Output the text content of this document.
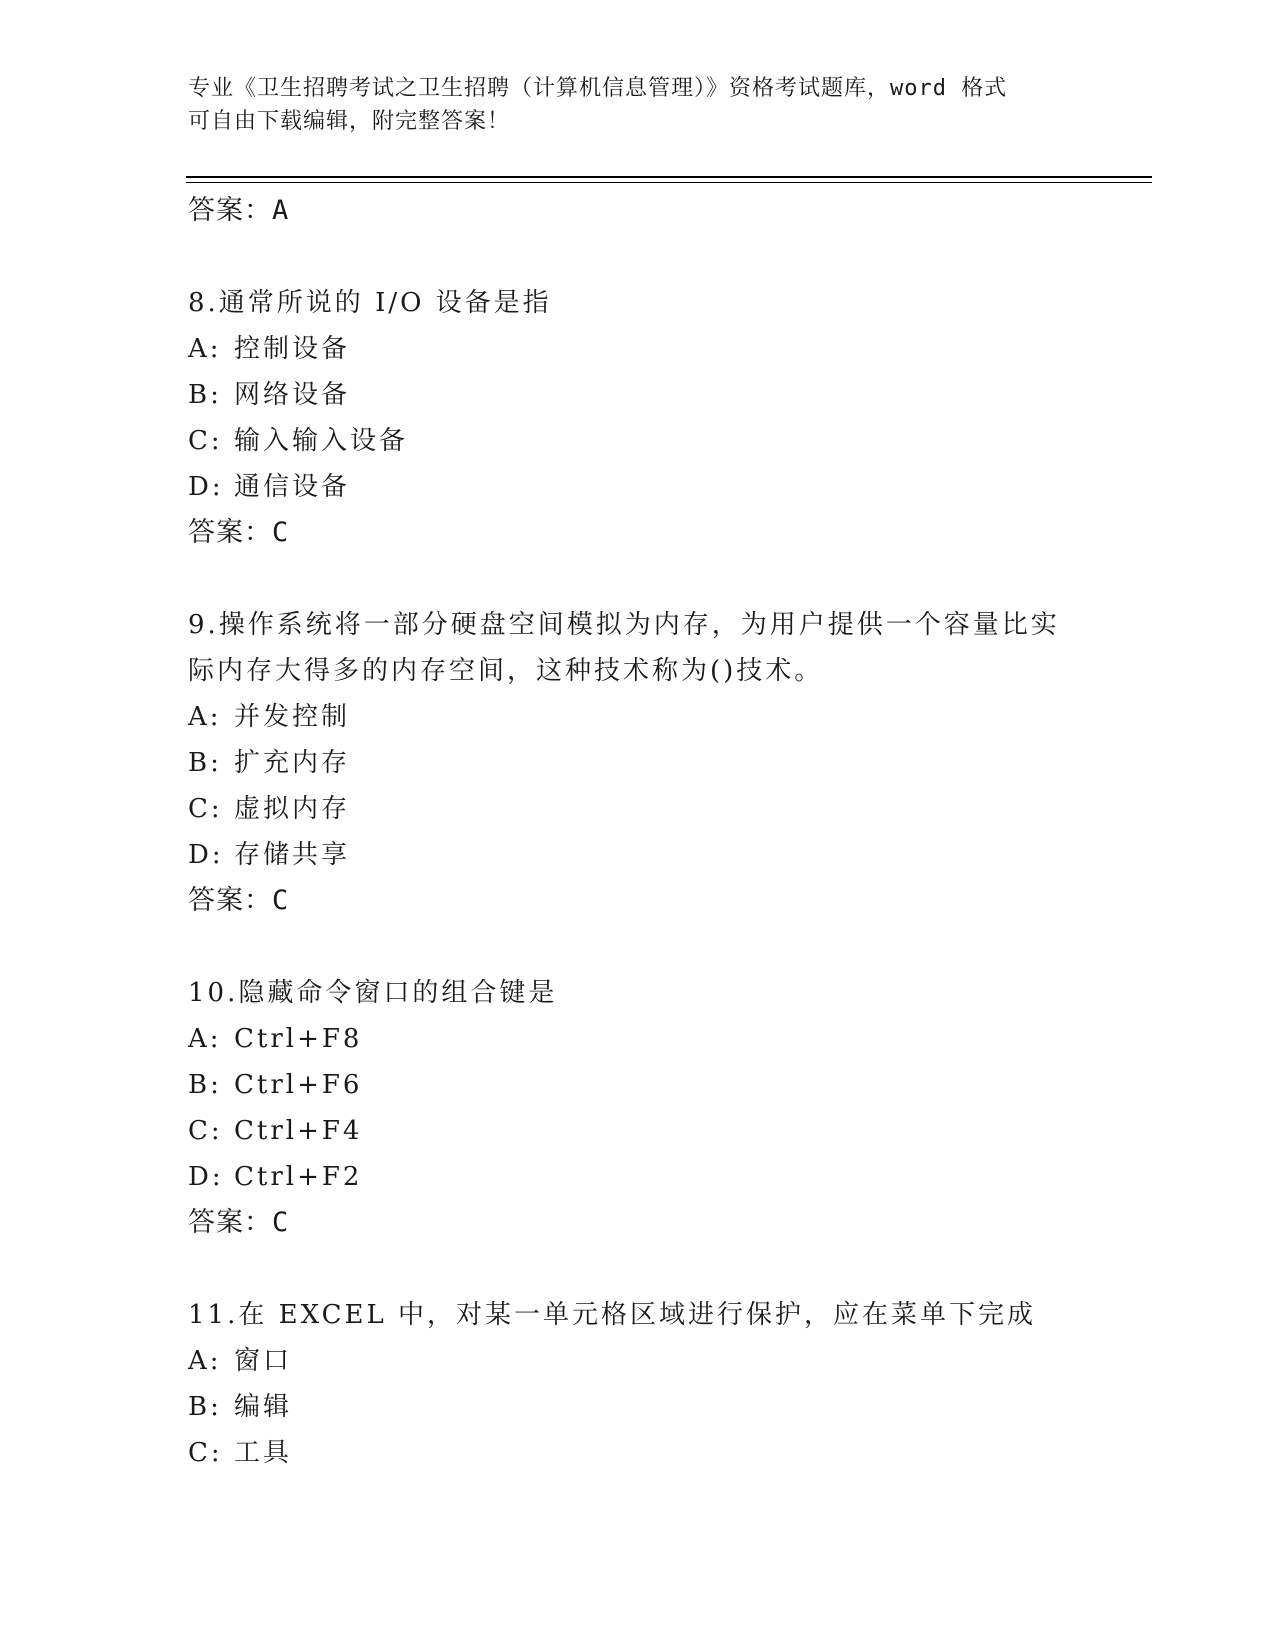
专业《卫生招聘考试之卫生招聘（计算机信息管理）》资格考试题库，word 格式
可自由下载编辑，附完整答案！
答案：A
8.通常所说的 I/O 设备是指
A: 控制设备
B: 网络设备
C: 输入输入设备
D: 通信设备
答案：C
9.操作系统将一部分硬盘空间模拟为内存，为用户提供一个容量比实
际内存大得多的内存空间，这种技术称为()技术。
A: 并发控制
B: 扩充内存
C: 虚拟内存
D: 存储共享
答案：C
10.隐藏命令窗口的组合键是
A: Ctrl+F8
B: Ctrl+F6
C: Ctrl+F4
D: Ctrl+F2
答案：C
11.在 EXCEL 中，对某一单元格区域进行保护，应在菜单下完成
A: 窗口
B: 编辑
C: 工具
